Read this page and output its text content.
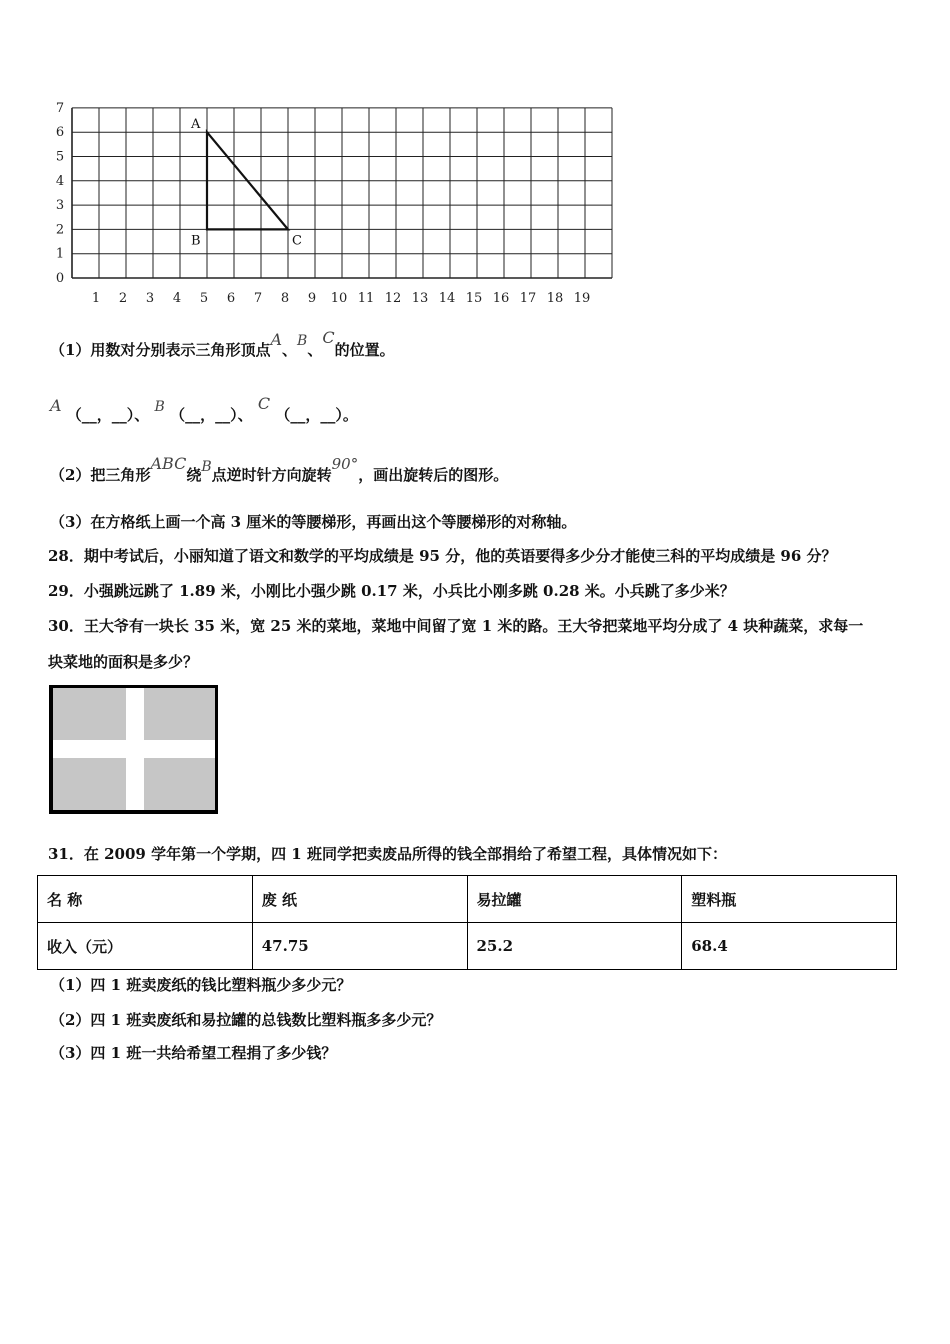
1 2 3 4 5 6 7 8 9 10 11 12 13 14 15 16 17 18 19
0
1
2
3
4
5
6
7
A
B	C
（1）用数对分别表示三角形顶点A、B、C的位置。
A （__，__）、 B （__，__）、 C （__，__）。
（2）把三角形ABC绕B点逆时针方向旋转90°，画出旋转后的图形。
（3）在方格纸上画一个高 3 厘米的等腰梯形，再画出这个等腰梯形的对称轴。
28．期中考试后，小丽知道了语文和数学的平均成绩是 95 分，他的英语要得多少分才能使三科的平均成绩是 96 分？
29．小强跳远跳了 1.89 米，小刚比小强少跳 0.17 米，小兵比小刚多跳 0.28 米。小兵跳了多少米？
30．王大爷有一块长 35 米，宽 25 米的菜地，菜地中间留了宽 1 米的路。王大爷把菜地平均分成了 4 块种蔬菜，求每一
块菜地的面积是多少？
31．在 2009 学年第一个学期，四 1 班同学把卖废品所得的钱全部捐给了希望工程，具体情况如下：
名 称	废 纸	易拉罐	塑料瓶
收入（元）	47.75	25.2	68.4
（1）四 1 班卖废纸的钱比塑料瓶少多少元？
（2）四 1 班卖废纸和易拉罐的总钱数比塑料瓶多多少元？
（3）四 1 班一共给希望工程捐了多少钱？
